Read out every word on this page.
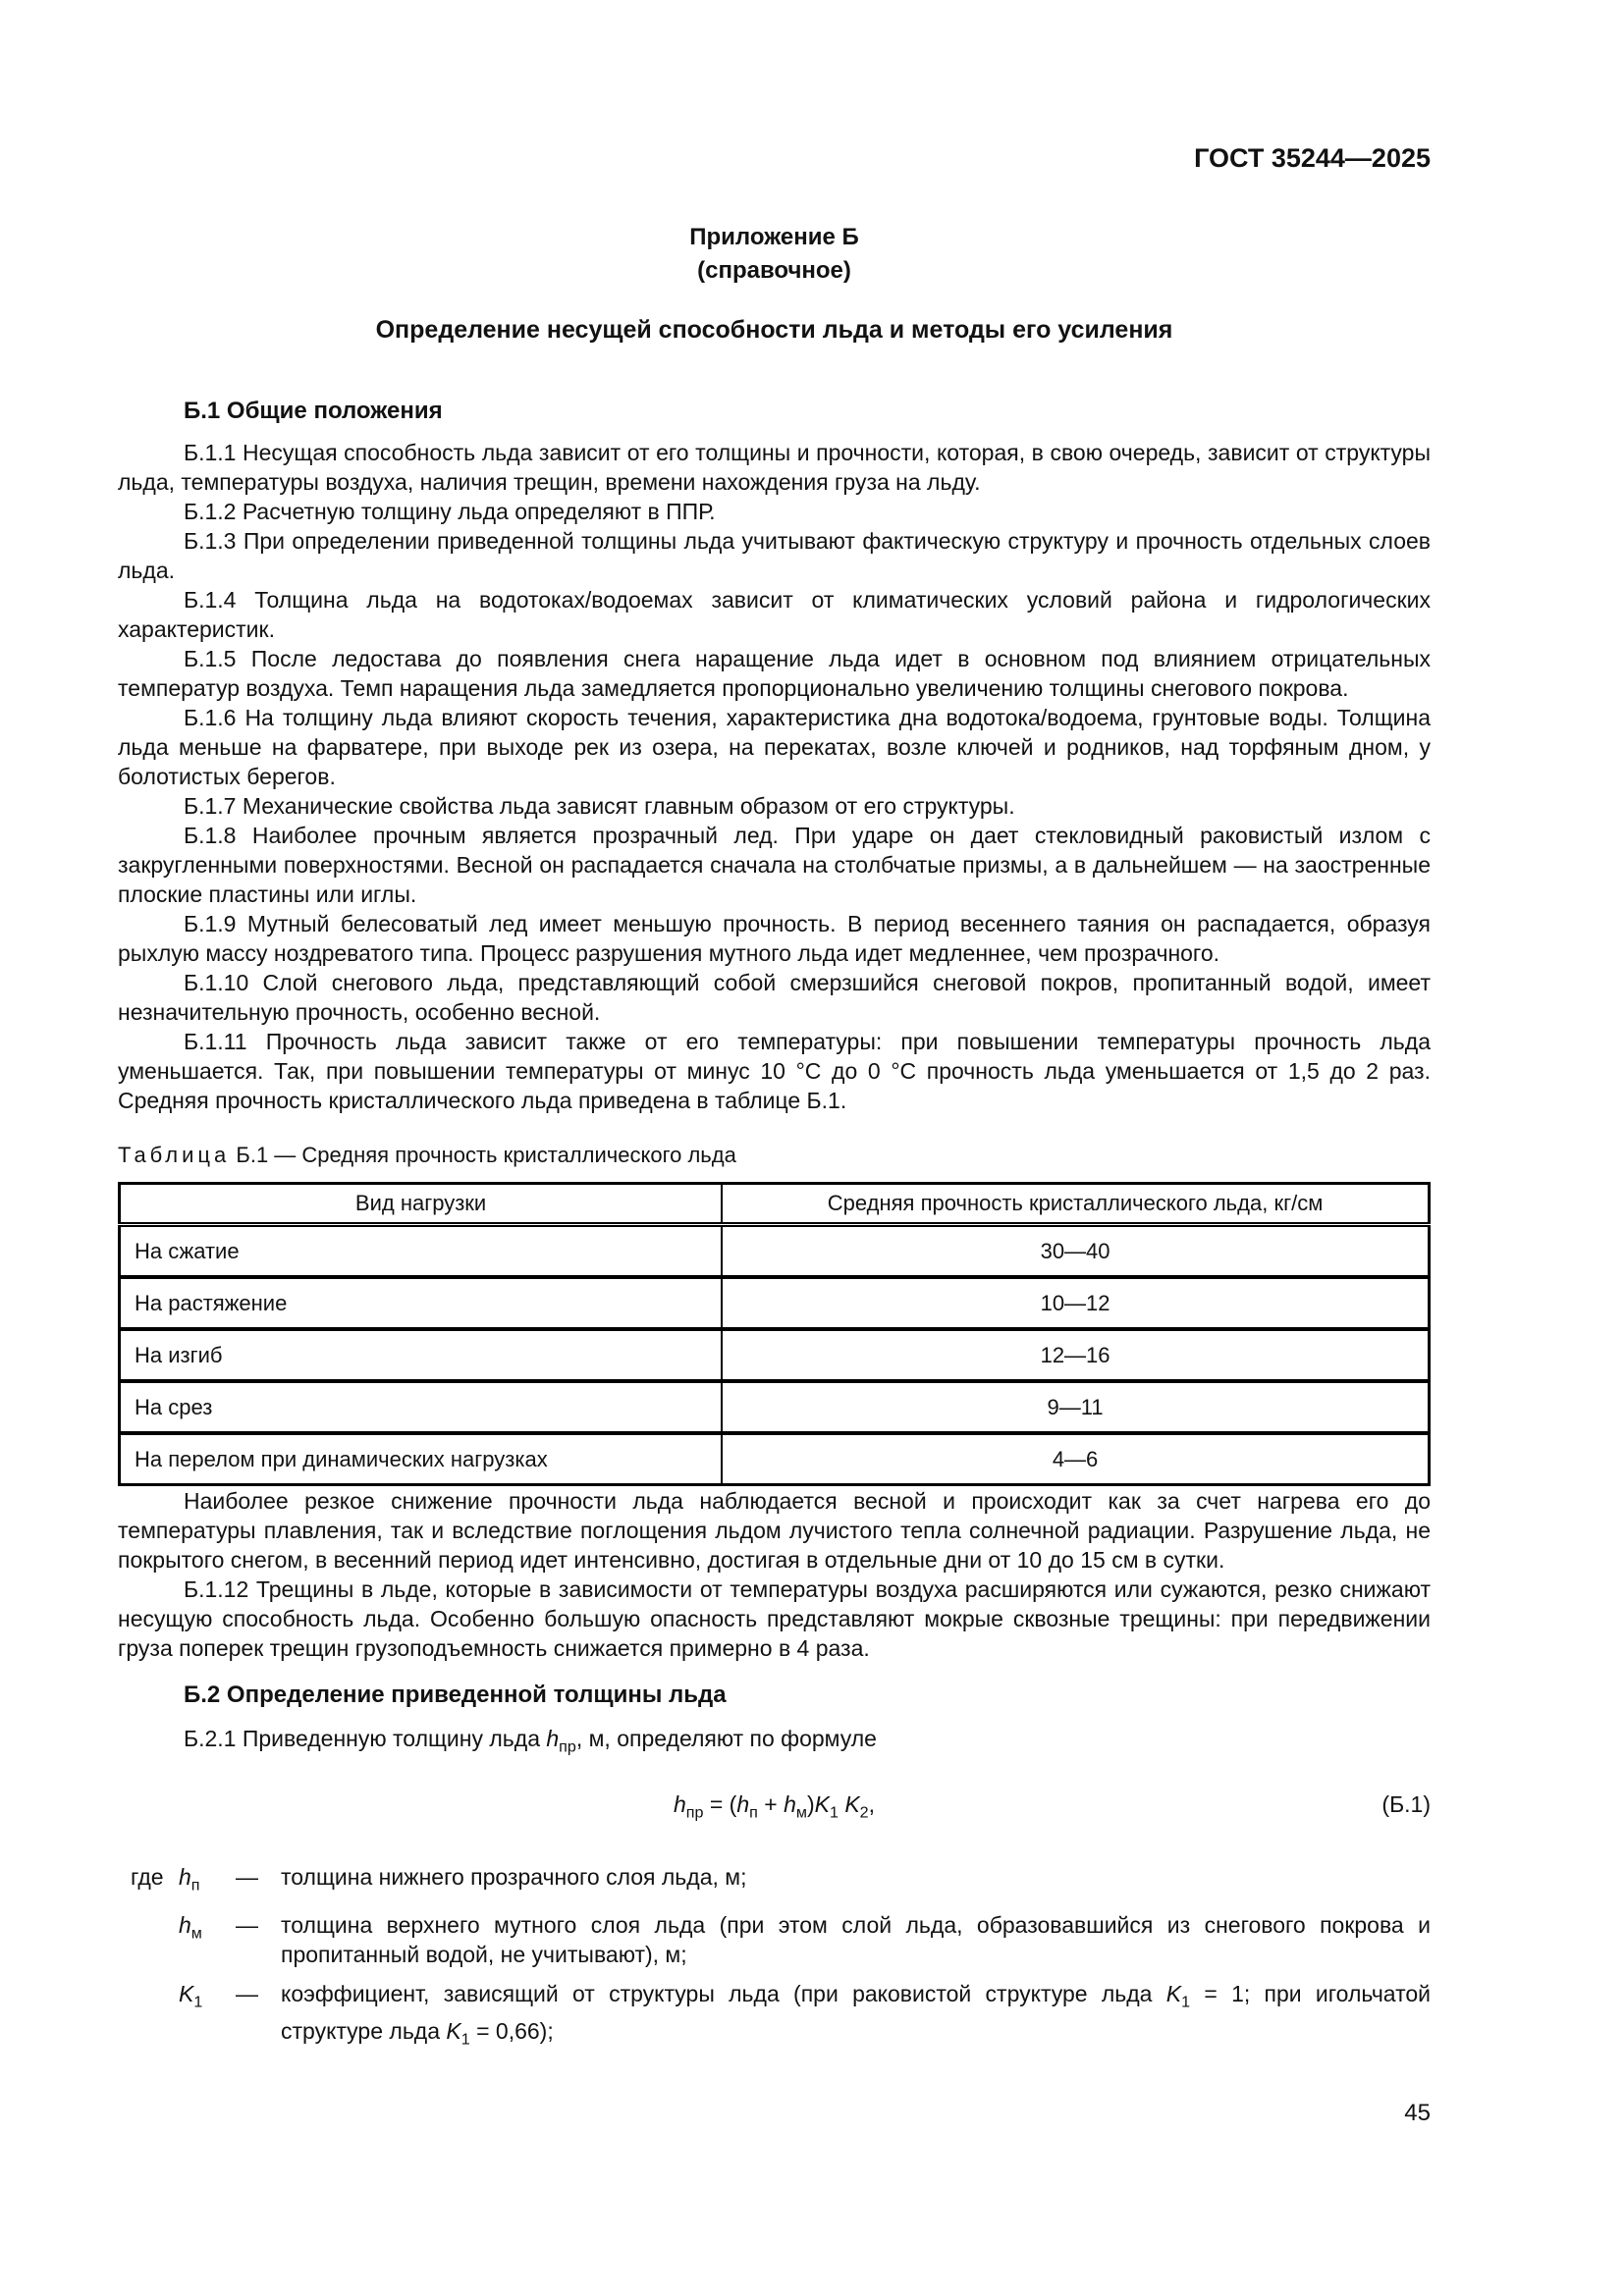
ГОСТ 35244—2025
Приложение Б
(справочное)
Определение несущей способности льда и методы его усиления
Б.1 Общие положения

Б.1.1 Несущая способность льда зависит от его толщины и прочности, которая, в свою очередь, зависит от структуры льда, температуры воздуха, наличия трещин, времени нахождения груза на льду.

Б.1.2 Расчетную толщину льда определяют в ППР.

Б.1.3 При определении приведенной толщины льда учитывают фактическую структуру и прочность отдельных слоев льда.

Б.1.4 Толщина льда на водотоках/водоемах зависит от климатических условий района и гидрологических характеристик.

Б.1.5 После ледостава до появления снега наращение льда идет в основном под влиянием отрицательных температур воздуха. Темп наращения льда замедляется пропорционально увеличению толщины снегового покрова.

Б.1.6 На толщину льда влияют скорость течения, характеристика дна водотока/водоема, грунтовые воды. Толщина льда меньше на фарватере, при выходе рек из озера, на перекатах, возле ключей и родников, над торфяным дном, у болотистых берегов.

Б.1.7 Механические свойства льда зависят главным образом от его структуры.

Б.1.8 Наиболее прочным является прозрачный лед. При ударе он дает стекловидный раковистый излом с закругленными поверхностями. Весной он распадается сначала на столбчатые призмы, а в дальнейшем — на заостренные плоские пластины или иглы.

Б.1.9 Мутный белесоватый лед имеет меньшую прочность. В период весеннего таяния он распадается, образуя рыхлую массу ноздреватого типа. Процесс разрушения мутного льда идет медленнее, чем прозрачного.

Б.1.10 Слой снегового льда, представляющий собой смерзшийся снеговой покров, пропитанный водой, имеет незначительную прочность, особенно весной.

Б.1.11 Прочность льда зависит также от его температуры: при повышении температуры прочность льда уменьшается. Так, при повышении температуры от минус 10 °С до 0 °С прочность льда уменьшается от 1,5 до 2 раз. Средняя прочность кристаллического льда приведена в таблице Б.1.

Таблица Б.1 — Средняя прочность кристаллического льда
Вид нагрузки	Средняя прочность кристаллического льда, кг/см
На сжатие	30—40
На растяжение	10—12
На изгиб	12—16
На срез	9—11
На перелом при динамических нагрузках	4—6

Наиболее резкое снижение прочности льда наблюдается весной и происходит как за счет нагрева его до температуры плавления, так и вследствие поглощения льдом лучистого тепла солнечной радиации. Разрушение льда, не покрытого снегом, в весенний период идет интенсивно, достигая в отдельные дни от 10 до 15 см в сутки.

Б.1.12 Трещины в льде, которые в зависимости от температуры воздуха расширяются или сужаются, резко снижают несущую способность льда. Особенно большую опасность представляют мокрые сквозные трещины: при передвижении груза поперек трещин грузоподъемность снижается примерно в 4 раза.

Б.2 Определение приведенной толщины льда

Б.2.1 Приведенную толщину льда $h_{пр}$, м, определяют по формуле

$h_{пр} = (h_п + h_м)K_1$ $K_2$,	(Б.1)
где $h_п$	—	толщина нижнего прозрачного слоя льда, м;
$h_м$	—	толщина верхнего мутного слоя льда (при этом слой льда, образовавшийся из снегового покрова и пропитанный водой, не учитывают), м;
$K_1$	—	коэффициент, зависящий от структуры льда (при раковистой структуре льда $K_1 = 1$; при игольчатой структуре льда $K_1 = 0,66$);
45
